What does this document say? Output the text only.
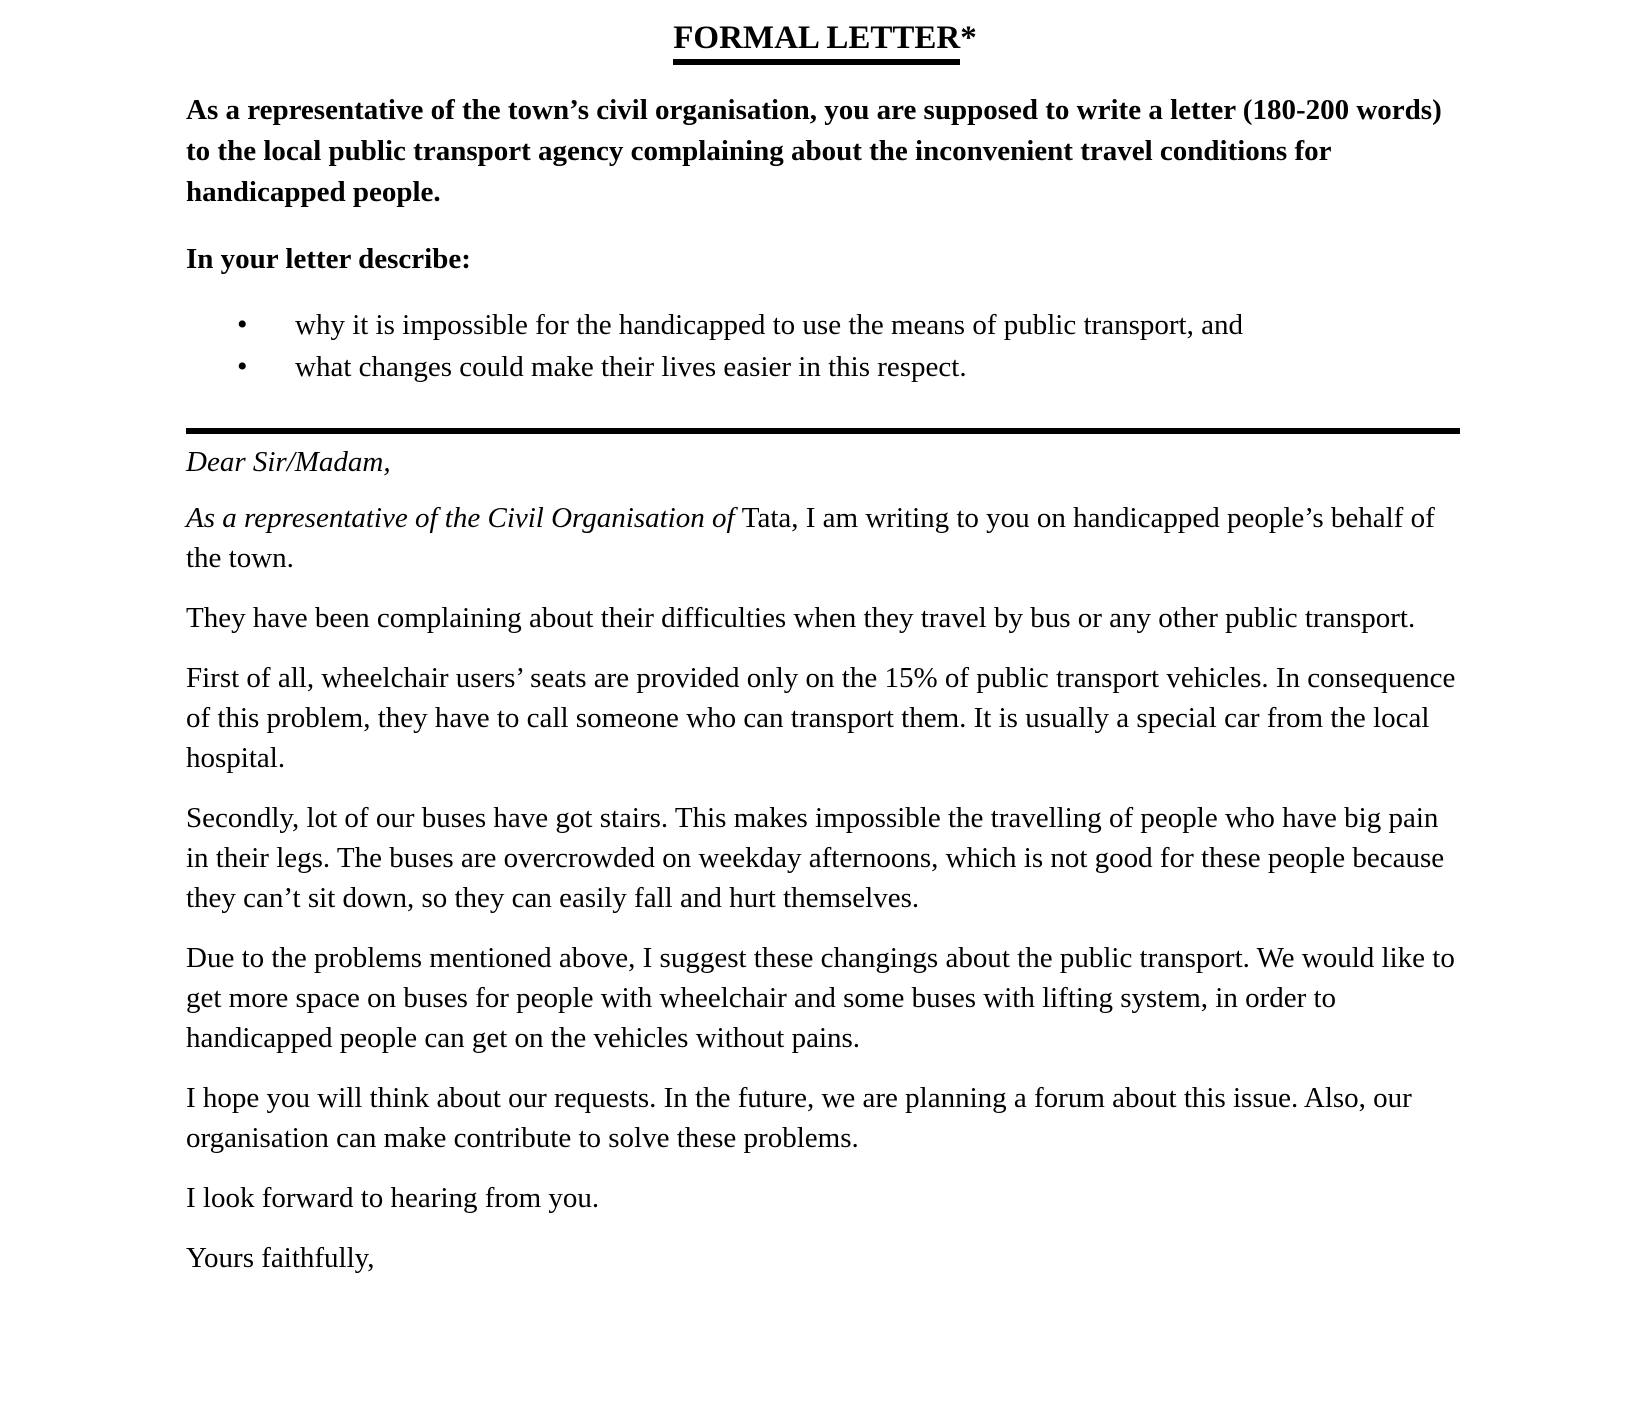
FORMAL LETTER*

As a representative of the town’s civil organisation, you are supposed to write a letter (180-200 words) to the local public transport agency complaining about the inconvenient travel conditions for handicapped people.

In your letter describe:

• why it is impossible for the handicapped to use the means of public transport, and
• what changes could make their lives easier in this respect.

Dear Sir/Madam,

As a representative of the Civil Organisation of Tata, I am writing to you on handicapped people’s behalf of the town.

They have been complaining about their difficulties when they travel by bus or any other public transport.

First of all, wheelchair users’ seats are provided only on the 15% of public transport vehicles. In consequence of this problem, they have to call someone who can transport them. It is usually a special car from the local hospital.

Secondly, lot of our buses have got stairs. This makes impossible the travelling of people who have big pain in their legs. The buses are overcrowded on weekday afternoons, which is not good for these people because they can’t sit down, so they can easily fall and hurt themselves.

Due to the problems mentioned above, I suggest these changings about the public transport. We would like to get more space on buses for people with wheelchair and some buses with lifting system, in order to handicapped people can get on the vehicles without pains.

I hope you will think about our requests. In the future, we are planning a forum about this issue. Also, our organisation can make contribute to solve these problems.

I look forward to hearing from you.

Yours faithfully,
